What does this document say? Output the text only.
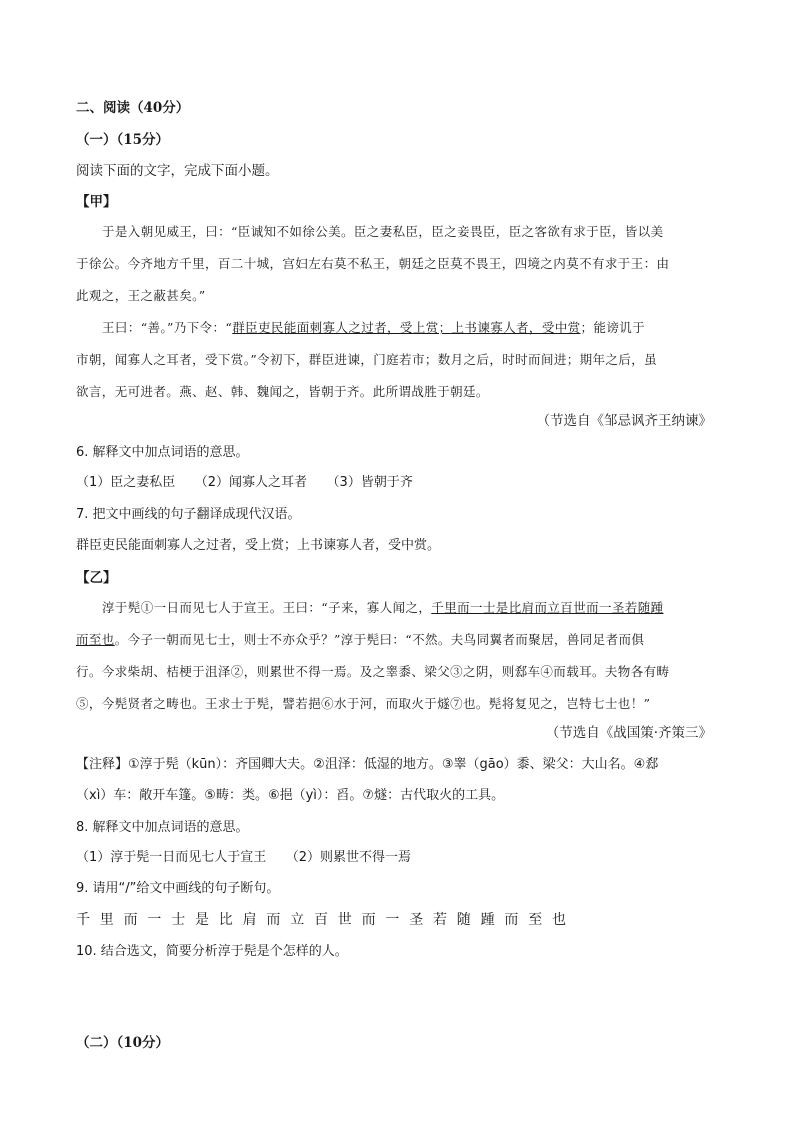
二、阅读（40分）
（一）（15分）
阅读下面的文字，完成下面小题。
【甲】
于是入朝见威王，曰：“臣诚知不如徐公美。臣之妻私臣，臣之妾畏臣，臣之客欲有求于臣，皆以美
于徐公。今齐地方千里，百二十城，宫妇左右莫不私王，朝廷之臣莫不畏王，四境之内莫不有求于王：由
此观之，王之蔽甚矣。”
王曰：“善。”乃下令：“群臣吏民能面刺寡人之过者，受上赏；上书谏寡人者，受中赏；能谤讥于
市朝，闻寡人之耳者，受下赏。”令初下，群臣进谏，门庭若市；数月之后，时时而间进；期年之后，虽
欲言，无可进者。燕、赵、韩、魏闻之，皆朝于齐。此所谓战胜于朝廷。
（节选自《邹忌讽齐王纳谏》
6. 解释文中加点词语的意思。
（1）臣之妻私臣　　（2）闻寡人之耳者　　（3）皆朝于齐
7. 把文中画线的句子翻译成现代汉语。
群臣吏民能面刺寡人之过者，受上赏；上书谏寡人者，受中赏。
【乙】
淳于髡①一日而见七人于宣王。王曰：“子来，寡人闻之，千里而一士是比肩而立百世而一圣若随踵
而至也。今子一朝而见七士，则士不亦众乎？”淳于髡曰：“不然。夫鸟同翼者而聚居，兽同足者而俱
行。今求柴胡、桔梗于沮泽②，则累世不得一焉。及之睾黍、梁父③之阴，则郄车④而载耳。夫物各有畴
⑤，今髡贤者之畴也。王求士于髡，譬若挹⑥水于河，而取火于燧⑦也。髡将复见之，岂特七士也！”
（节选自《战国策·齐策三》
【注释】①淳于髡（kūn）：齐国卿大夫。②沮泽：低湿的地方。③睾（gāo）黍、梁父：大山名。④郄
（xì）车：敞开车篷。⑤畴：类。⑥挹（yì）：舀。⑦燧：古代取火的工具。
8. 解释文中加点词语的意思。
（1）淳于髡一日而见七人于宣王　　（2）则累世不得一焉
9. 请用“/”给文中画线的句子断句。
千里而一士是比肩而立百世而一圣若随踵而至也
10. 结合选文，简要分析淳于髡是个怎样的人。
（二）（10分）
